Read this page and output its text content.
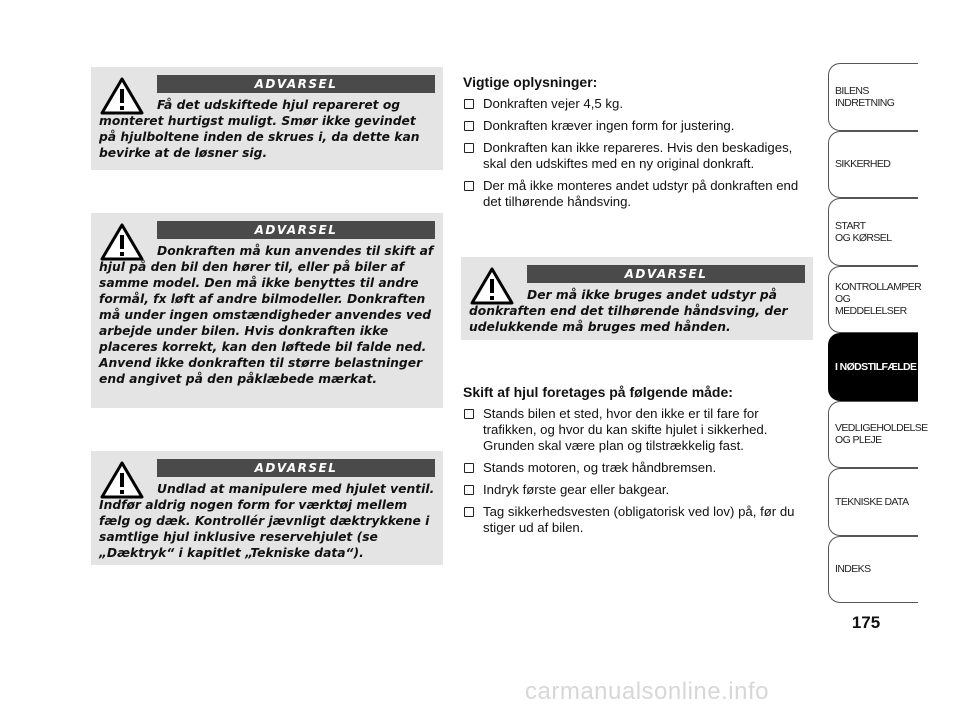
ADVARSEL
Få det udskiftede hjul repareret og monteret hurtigst muligt. Smør ikke gevindet på hjulboltene inden de skrues i, da dette kan bevirke at de løsner sig.
ADVARSEL
Donkraften må kun anvendes til skift af hjul på den bil den hører til, eller på biler af samme model. Den må ikke benyttes til andre formål, fx løft af andre bilmodeller. Donkraften må under ingen omstændigheder anvendes ved arbejde under bilen. Hvis donkraften ikke placeres korrekt, kan den løftede bil falde ned. Anvend ikke donkraften til større belastninger end angivet på den påklæbede mærkat.
ADVARSEL
Undlad at manipulere med hjulet ventil. Indfør aldrig nogen form for værktøj mellem fælg og dæk. Kontrollér jævnligt dæktrykkene i samtlige hjul inklusive reservehjulet (se „Dæktryk“ i kapitlet „Tekniske data“).
Vigtige oplysninger:
Donkraften vejer 4,5 kg.
Donkraften kræver ingen form for justering.
Donkraften kan ikke repareres. Hvis den beskadiges, skal den udskiftes med en ny original donkraft.
Der må ikke monteres andet udstyr på donkraften end det tilhørende håndsving.
ADVARSEL
Der må ikke bruges andet udstyr på donkraften end det tilhørende håndsving, der udelukkende må bruges med hånden.
Skift af hjul foretages på følgende måde:
Stands bilen et sted, hvor den ikke er til fare for trafikken, og hvor du kan skifte hjulet i sikkerhed. Grunden skal være plan og tilstrækkelig fast.
Stands motoren, og træk håndbremsen.
Indryk første gear eller bakgear.
Tag sikkerhedsvesten (obligatorisk ved lov) på, før du stiger ud af bilen.
BILENS
INDRETNING
SIKKERHED
START
OG KØRSEL
KONTROLLAMPER
OG MEDDELELSER
I NØDSTILFÆLDE
VEDLIGEHOLDELSE
OG PLEJE
TEKNISKE DATA
INDEKS
175
carmanualsonline.info
